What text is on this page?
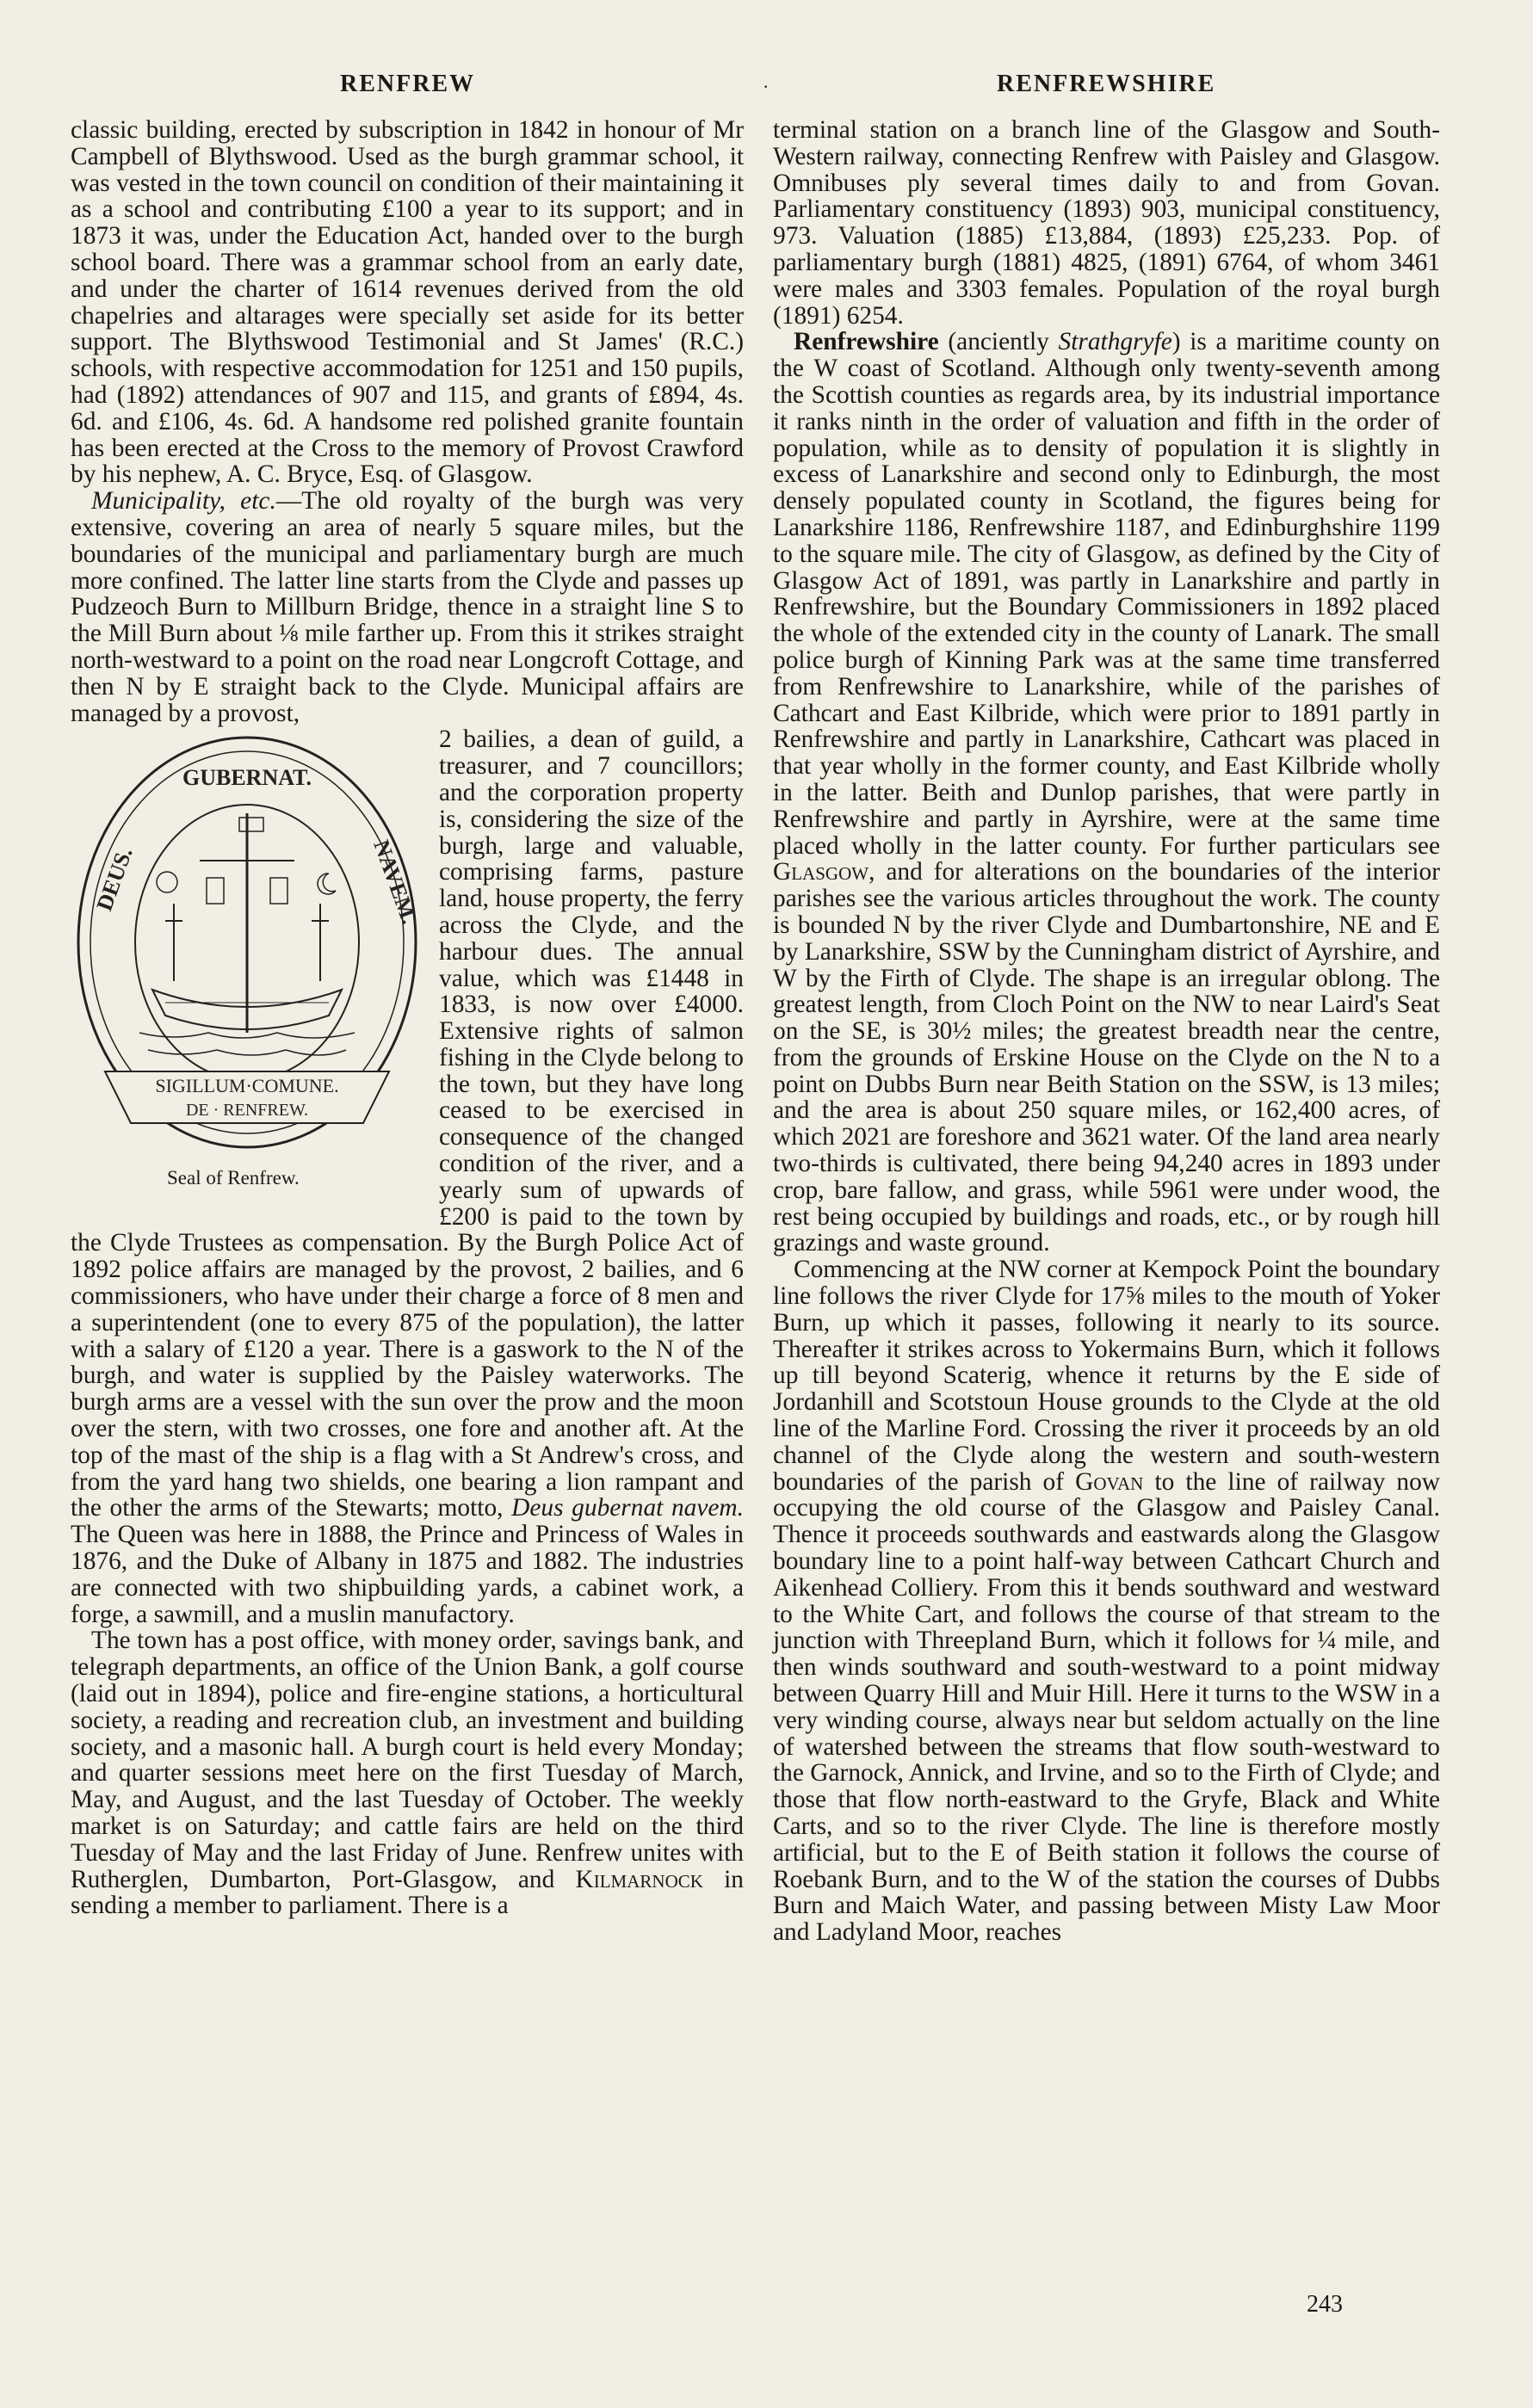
RENFREW	·	RENFREWSHIRE

classic building, erected by subscription in 1842 in honour of Mr Campbell of Blythswood. Used as the burgh grammar school, it was vested in the town council on condition of their maintaining it as a school and contributing £100 a year to its support; and in 1873 it was, under the Education Act, handed over to the burgh school board. There was a grammar school from an early date, and under the charter of 1614 revenues derived from the old chapelries and altarages were specially set aside for its better support. The Blythswood Testimonial and St James' (R.C.) schools, with respective accommodation for 1251 and 150 pupils, had (1892) attendances of 907 and 115, and grants of £894, 4s. 6d. and £106, 4s. 6d. A handsome red polished granite fountain has been erected at the Cross to the memory of Provost Crawford by his nephew, A. C. Bryce, Esq. of Glasgow.

Municipality, etc.—The old royalty of the burgh was very extensive, covering an area of nearly 5 square miles, but the boundaries of the municipal and parliamentary burgh are much more confined. The latter line starts from the Clyde and passes up Pudzeoch Burn to Millburn Bridge, thence in a straight line S to the Mill Burn about ⅛ mile farther up. From this it strikes straight north-westward to a point on the road near Longcroft Cottage, and then N by E straight back to the Clyde. Municipal affairs are managed by a provost,

SIGILLUM·COMUNE.
DE · RENFREW.
GUBERNAT.
DEUS.	NAVEM.
Seal of Renfrew.

2 bailies, a dean of guild, a treasurer, and 7 councillors; and the corporation property is, considering the size of the burgh, large and valuable, comprising farms, pasture land, house property, the ferry across the Clyde, and the harbour dues. The annual value, which was £1448 in 1833, is now over £4000. Extensive rights of salmon fishing in the Clyde belong to the town, but they have long ceased to be exercised in consequence of the changed condition of the river, and a yearly sum of upwards of £200 is paid to the town by the Clyde Trustees as compensation. By the Burgh Police Act of 1892 police affairs are managed by the provost, 2 bailies, and 6 commissioners, who have under their charge a force of 8 men and a superintendent (one to every 875 of the population), the latter with a salary of £120 a year. There is a gaswork to the N of the burgh, and water is supplied by the Paisley waterworks. The burgh arms are a vessel with the sun over the prow and the moon over the stern, with two crosses, one fore and another aft. At the top of the mast of the ship is a flag with a St Andrew's cross, and from the yard hang two shields, one bearing a lion rampant and the other the arms of the Stewarts; motto, Deus gubernat navem. The Queen was here in 1888, the Prince and Princess of Wales in 1876, and the Duke of Albany in 1875 and 1882. The industries are connected with two shipbuilding yards, a cabinet work, a forge, a sawmill, and a muslin manufactory.

The town has a post office, with money order, savings bank, and telegraph departments, an office of the Union Bank, a golf course (laid out in 1894), police and fire-engine stations, a horticultural society, a reading and recreation club, an investment and building society, and a masonic hall. A burgh court is held every Monday; and quarter sessions meet here on the first Tuesday of March, May, and August, and the last Tuesday of October. The weekly market is on Saturday; and cattle fairs are held on the third Tuesday of May and the last Friday of June. Renfrew unites with Rutherglen, Dumbarton, Port-Glasgow, and Kilmarnock in sending a member to parliament. There is a

terminal station on a branch line of the Glasgow and South-Western railway, connecting Renfrew with Paisley and Glasgow. Omnibuses ply several times daily to and from Govan. Parliamentary constituency (1893) 903, municipal constituency, 973. Valuation (1885) £13,884, (1893) £25,233. Pop. of parliamentary burgh (1881) 4825, (1891) 6764, of whom 3461 were males and 3303 females. Population of the royal burgh (1891) 6254.

Renfrewshire (anciently Strathgryfe) is a maritime county on the W coast of Scotland. Although only twenty-seventh among the Scottish counties as regards area, by its industrial importance it ranks ninth in the order of valuation and fifth in the order of population, while as to density of population it is slightly in excess of Lanarkshire and second only to Edinburgh, the most densely populated county in Scotland, the figures being for Lanarkshire 1186, Renfrewshire 1187, and Edinburghshire 1199 to the square mile. The city of Glasgow, as defined by the City of Glasgow Act of 1891, was partly in Lanarkshire and partly in Renfrewshire, but the Boundary Commissioners in 1892 placed the whole of the extended city in the county of Lanark. The small police burgh of Kinning Park was at the same time transferred from Renfrewshire to Lanarkshire, while of the parishes of Cathcart and East Kilbride, which were prior to 1891 partly in Renfrewshire and partly in Lanarkshire, Cathcart was placed in that year wholly in the former county, and East Kilbride wholly in the latter. Beith and Dunlop parishes, that were partly in Renfrewshire and partly in Ayrshire, were at the same time placed wholly in the latter county. For further particulars see Glasgow, and for alterations on the boundaries of the interior parishes see the various articles throughout the work. The county is bounded N by the river Clyde and Dumbartonshire, NE and E by Lanarkshire, SSW by the Cunningham district of Ayrshire, and W by the Firth of Clyde. The shape is an irregular oblong. The greatest length, from Cloch Point on the NW to near Laird's Seat on the SE, is 30½ miles; the greatest breadth near the centre, from the grounds of Erskine House on the Clyde on the N to a point on Dubbs Burn near Beith Station on the SSW, is 13 miles; and the area is about 250 square miles, or 162,400 acres, of which 2021 are foreshore and 3621 water. Of the land area nearly two-thirds is cultivated, there being 94,240 acres in 1893 under crop, bare fallow, and grass, while 5961 were under wood, the rest being occupied by buildings and roads, etc., or by rough hill grazings and waste ground.

Commencing at the NW corner at Kempock Point the boundary line follows the river Clyde for 17⅝ miles to the mouth of Yoker Burn, up which it passes, following it nearly to its source. Thereafter it strikes across to Yokermains Burn, which it follows up till beyond Scaterig, whence it returns by the E side of Jordanhill and Scotstoun House grounds to the Clyde at the old line of the Marline Ford. Crossing the river it proceeds by an old channel of the Clyde along the western and south-western boundaries of the parish of Govan to the line of railway now occupying the old course of the Glasgow and Paisley Canal. Thence it proceeds southwards and eastwards along the Glasgow boundary line to a point half-way between Cathcart Church and Aikenhead Colliery. From this it bends southward and westward to the White Cart, and follows the course of that stream to the junction with Threepland Burn, which it follows for ¼ mile, and then winds southward and south-westward to a point midway between Quarry Hill and Muir Hill. Here it turns to the WSW in a very winding course, always near but seldom actually on the line of watershed between the streams that flow south-westward to the Garnock, Annick, and Irvine, and so to the Firth of Clyde; and those that flow north-eastward to the Gryfe, Black and White Carts, and so to the river Clyde. The line is therefore mostly artificial, but to the E of Beith station it follows the course of Roebank Burn, and to the W of the station the courses of Dubbs Burn and Maich Water, and passing between Misty Law Moor and Ladyland Moor, reaches

243
